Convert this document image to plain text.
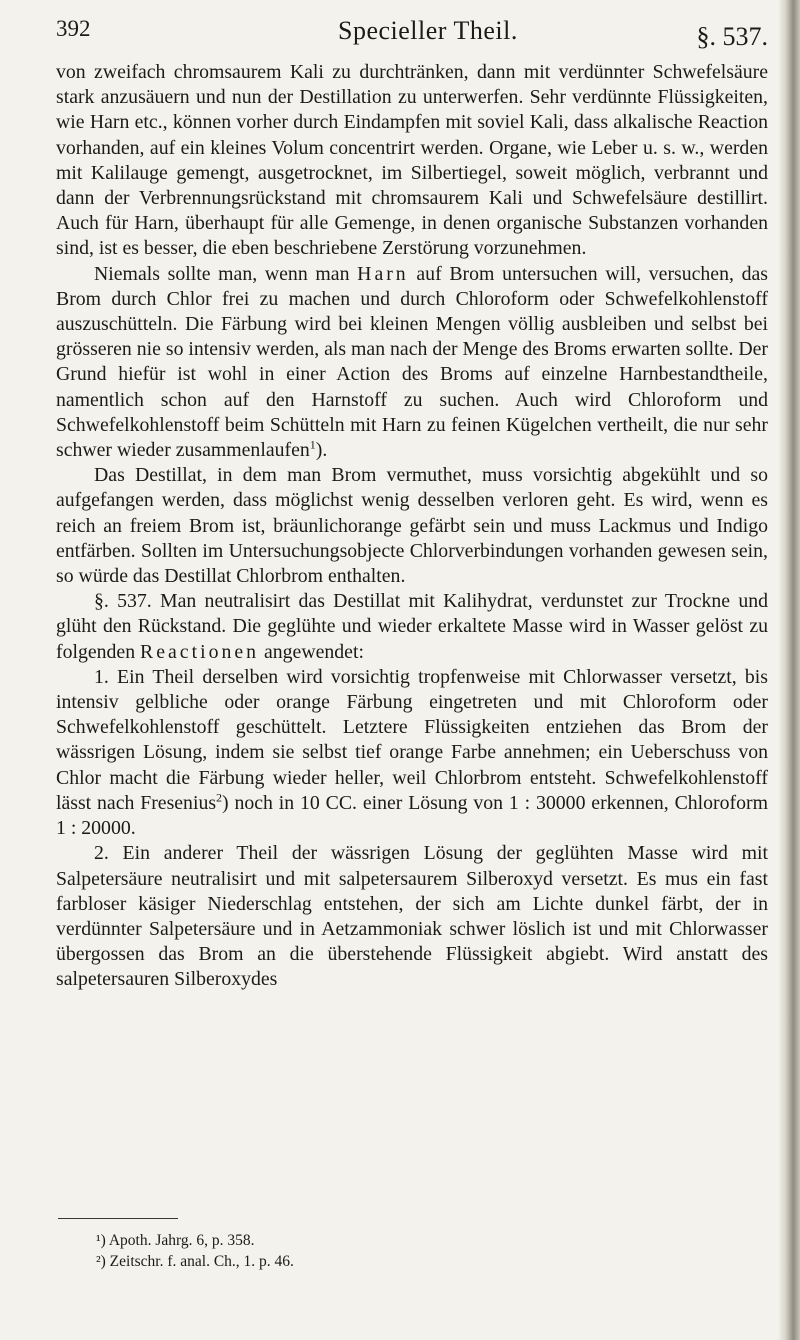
392	Specieller Theil.	§. 537.

von zweifach chromsaurem Kali zu durchtränken, dann mit verdünnter Schwefelsäure stark anzusäuern und nun der Destillation zu unterwerfen. Sehr verdünnte Flüssigkeiten, wie Harn etc., können vorher durch Eindampfen mit soviel Kali, dass alkalische Reaction vorhanden, auf ein kleines Volum concentrirt werden. Organe, wie Leber u. s. w., werden mit Kalilauge gemengt, ausgetrocknet, im Silbertiegel, soweit möglich, verbrannt und dann der Verbrennungsrückstand mit chromsaurem Kali und Schwefelsäure destillirt. Auch für Harn, überhaupt für alle Gemenge, in denen organische Substanzen vorhanden sind, ist es besser, die eben beschriebene Zerstörung vorzunehmen.

Niemals sollte man, wenn man Harn auf Brom untersuchen will, versuchen, das Brom durch Chlor frei zu machen und durch Chloroform oder Schwefelkohlenstoff auszuschütteln. Die Färbung wird bei kleinen Mengen völlig ausbleiben und selbst bei grösseren nie so intensiv werden, als man nach der Menge des Broms erwarten sollte. Der Grund hiefür ist wohl in einer Action des Broms auf einzelne Harnbestandtheile, namentlich schon auf den Harnstoff zu suchen. Auch wird Chloroform und Schwefelkohlenstoff beim Schütteln mit Harn zu feinen Kügelchen vertheilt, die nur sehr schwer wieder zusammenlaufen$^1$).

Das Destillat, in dem man Brom vermuthet, muss vorsichtig abgekühlt und so aufgefangen werden, dass möglichst wenig desselben verloren geht. Es wird, wenn es reich an freiem Brom ist, bräunlichorange gefärbt sein und muss Lackmus und Indigo entfärben. Sollten im Untersuchungsobjecte Chlorverbindungen vorhanden gewesen sein, so würde das Destillat Chlorbrom enthalten.

§. 537. Man neutralisirt das Destillat mit Kalihydrat, verdunstet zur Trockne und glüht den Rückstand. Die geglühte und wieder erkaltete Masse wird in Wasser gelöst zu folgenden Reactionen angewendet:

1. Ein Theil derselben wird vorsichtig tropfenweise mit Chlorwasser versetzt, bis intensiv gelbliche oder orange Färbung eingetreten und mit Chloroform oder Schwefelkohlenstoff geschüttelt. Letztere Flüssigkeiten entziehen das Brom der wässrigen Lösung, indem sie selbst tief orange Farbe annehmen; ein Ueberschuss von Chlor macht die Färbung wieder heller, weil Chlorbrom entsteht. Schwefelkohlenstoff lässt nach Fresenius$^2$) noch in 10 CC. einer Lösung von 1 : 30000 erkennen, Chloroform 1 : 20000.

2. Ein anderer Theil der wässrigen Lösung der geglühten Masse wird mit Salpetersäure neutralisirt und mit salpetersaurem Silberoxyd versetzt. Es mus ein fast farbloser käsiger Niederschlag entstehen, der sich am Lichte dunkel färbt, der in verdünnter Salpetersäure und in Aetzammoniak schwer löslich ist und mit Chlorwasser übergossen das Brom an die überstehende Flüssigkeit abgiebt. Wird anstatt des salpetersauren Silberoxydes

¹) Apoth. Jahrg. 6, p. 358.
²) Zeitschr. f. anal. Ch., 1. p. 46.
